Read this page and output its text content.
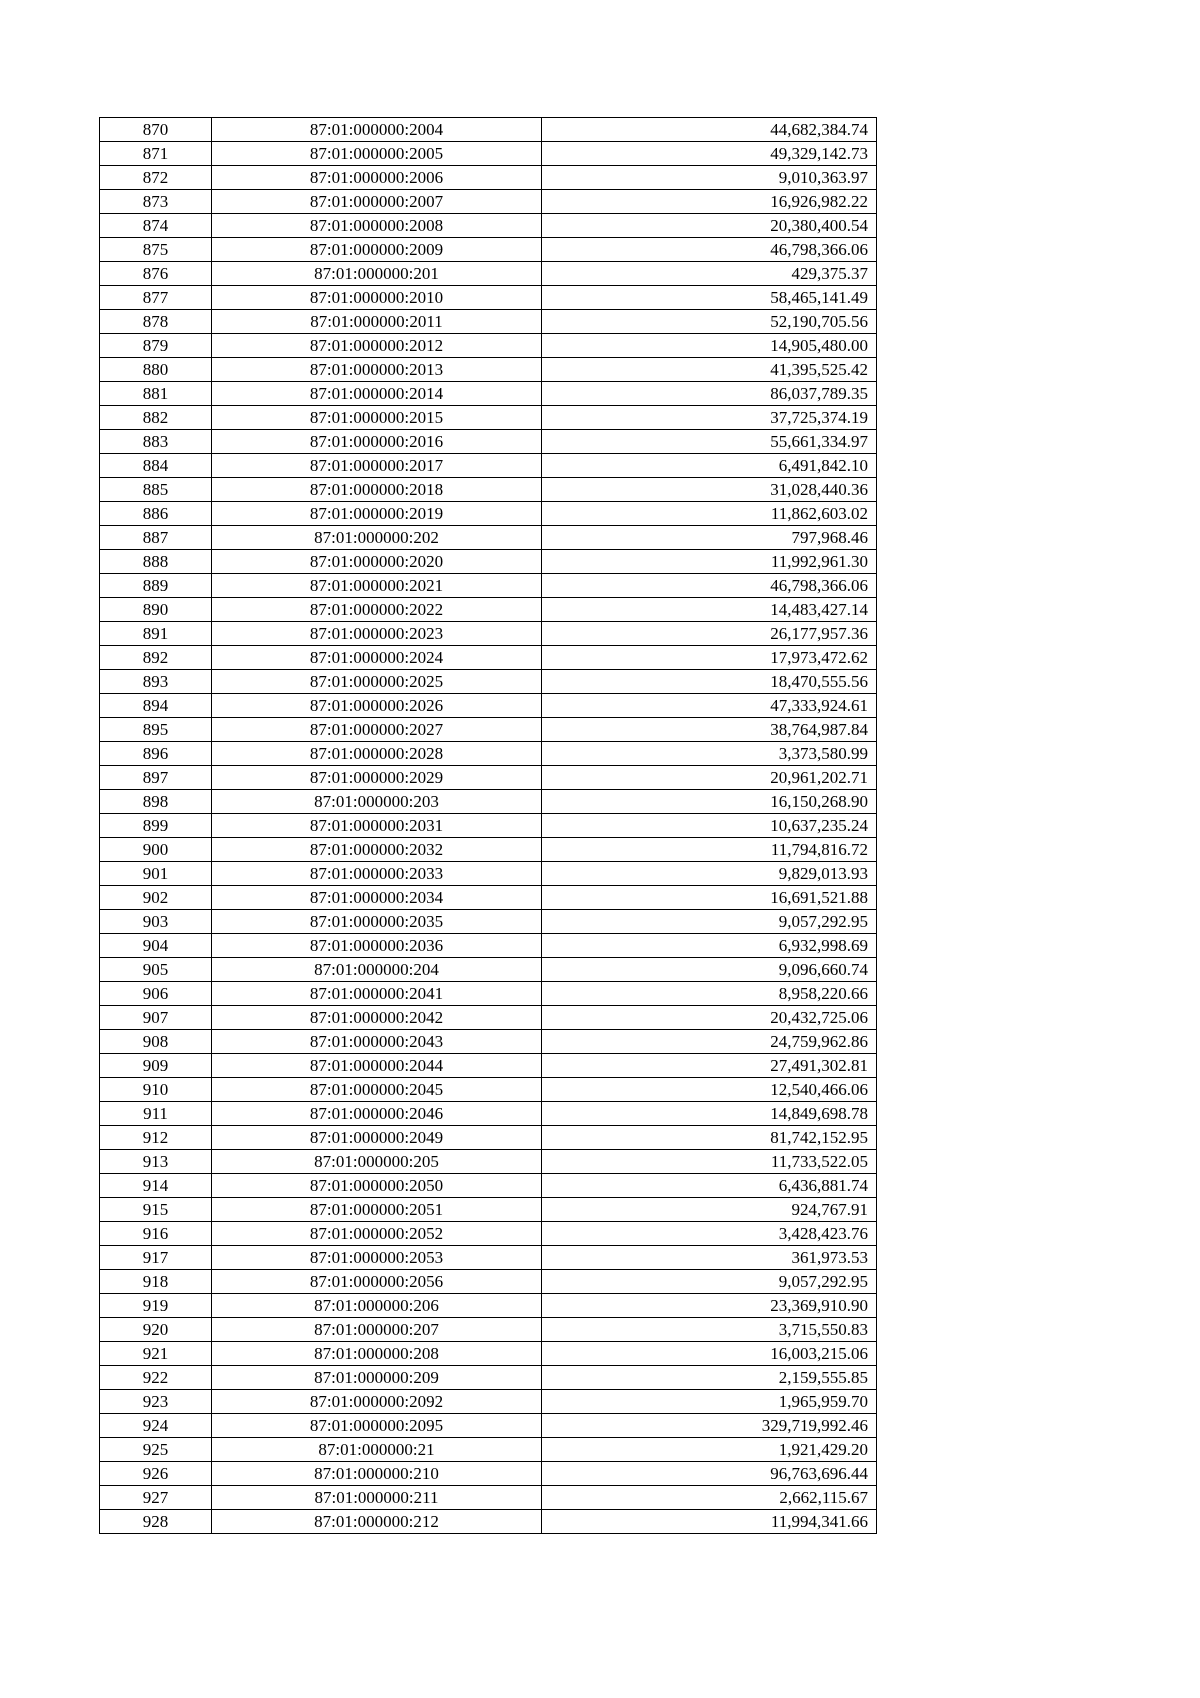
870	87:01:000000:2004	44,682,384.74
871	87:01:000000:2005	49,329,142.73
872	87:01:000000:2006	9,010,363.97
873	87:01:000000:2007	16,926,982.22
874	87:01:000000:2008	20,380,400.54
875	87:01:000000:2009	46,798,366.06
876	87:01:000000:201	429,375.37
877	87:01:000000:2010	58,465,141.49
878	87:01:000000:2011	52,190,705.56
879	87:01:000000:2012	14,905,480.00
880	87:01:000000:2013	41,395,525.42
881	87:01:000000:2014	86,037,789.35
882	87:01:000000:2015	37,725,374.19
883	87:01:000000:2016	55,661,334.97
884	87:01:000000:2017	6,491,842.10
885	87:01:000000:2018	31,028,440.36
886	87:01:000000:2019	11,862,603.02
887	87:01:000000:202	797,968.46
888	87:01:000000:2020	11,992,961.30
889	87:01:000000:2021	46,798,366.06
890	87:01:000000:2022	14,483,427.14
891	87:01:000000:2023	26,177,957.36
892	87:01:000000:2024	17,973,472.62
893	87:01:000000:2025	18,470,555.56
894	87:01:000000:2026	47,333,924.61
895	87:01:000000:2027	38,764,987.84
896	87:01:000000:2028	3,373,580.99
897	87:01:000000:2029	20,961,202.71
898	87:01:000000:203	16,150,268.90
899	87:01:000000:2031	10,637,235.24
900	87:01:000000:2032	11,794,816.72
901	87:01:000000:2033	9,829,013.93
902	87:01:000000:2034	16,691,521.88
903	87:01:000000:2035	9,057,292.95
904	87:01:000000:2036	6,932,998.69
905	87:01:000000:204	9,096,660.74
906	87:01:000000:2041	8,958,220.66
907	87:01:000000:2042	20,432,725.06
908	87:01:000000:2043	24,759,962.86
909	87:01:000000:2044	27,491,302.81
910	87:01:000000:2045	12,540,466.06
911	87:01:000000:2046	14,849,698.78
912	87:01:000000:2049	81,742,152.95
913	87:01:000000:205	11,733,522.05
914	87:01:000000:2050	6,436,881.74
915	87:01:000000:2051	924,767.91
916	87:01:000000:2052	3,428,423.76
917	87:01:000000:2053	361,973.53
918	87:01:000000:2056	9,057,292.95
919	87:01:000000:206	23,369,910.90
920	87:01:000000:207	3,715,550.83
921	87:01:000000:208	16,003,215.06
922	87:01:000000:209	2,159,555.85
923	87:01:000000:2092	1,965,959.70
924	87:01:000000:2095	329,719,992.46
925	87:01:000000:21	1,921,429.20
926	87:01:000000:210	96,763,696.44
927	87:01:000000:211	2,662,115.67
928	87:01:000000:212	11,994,341.66
